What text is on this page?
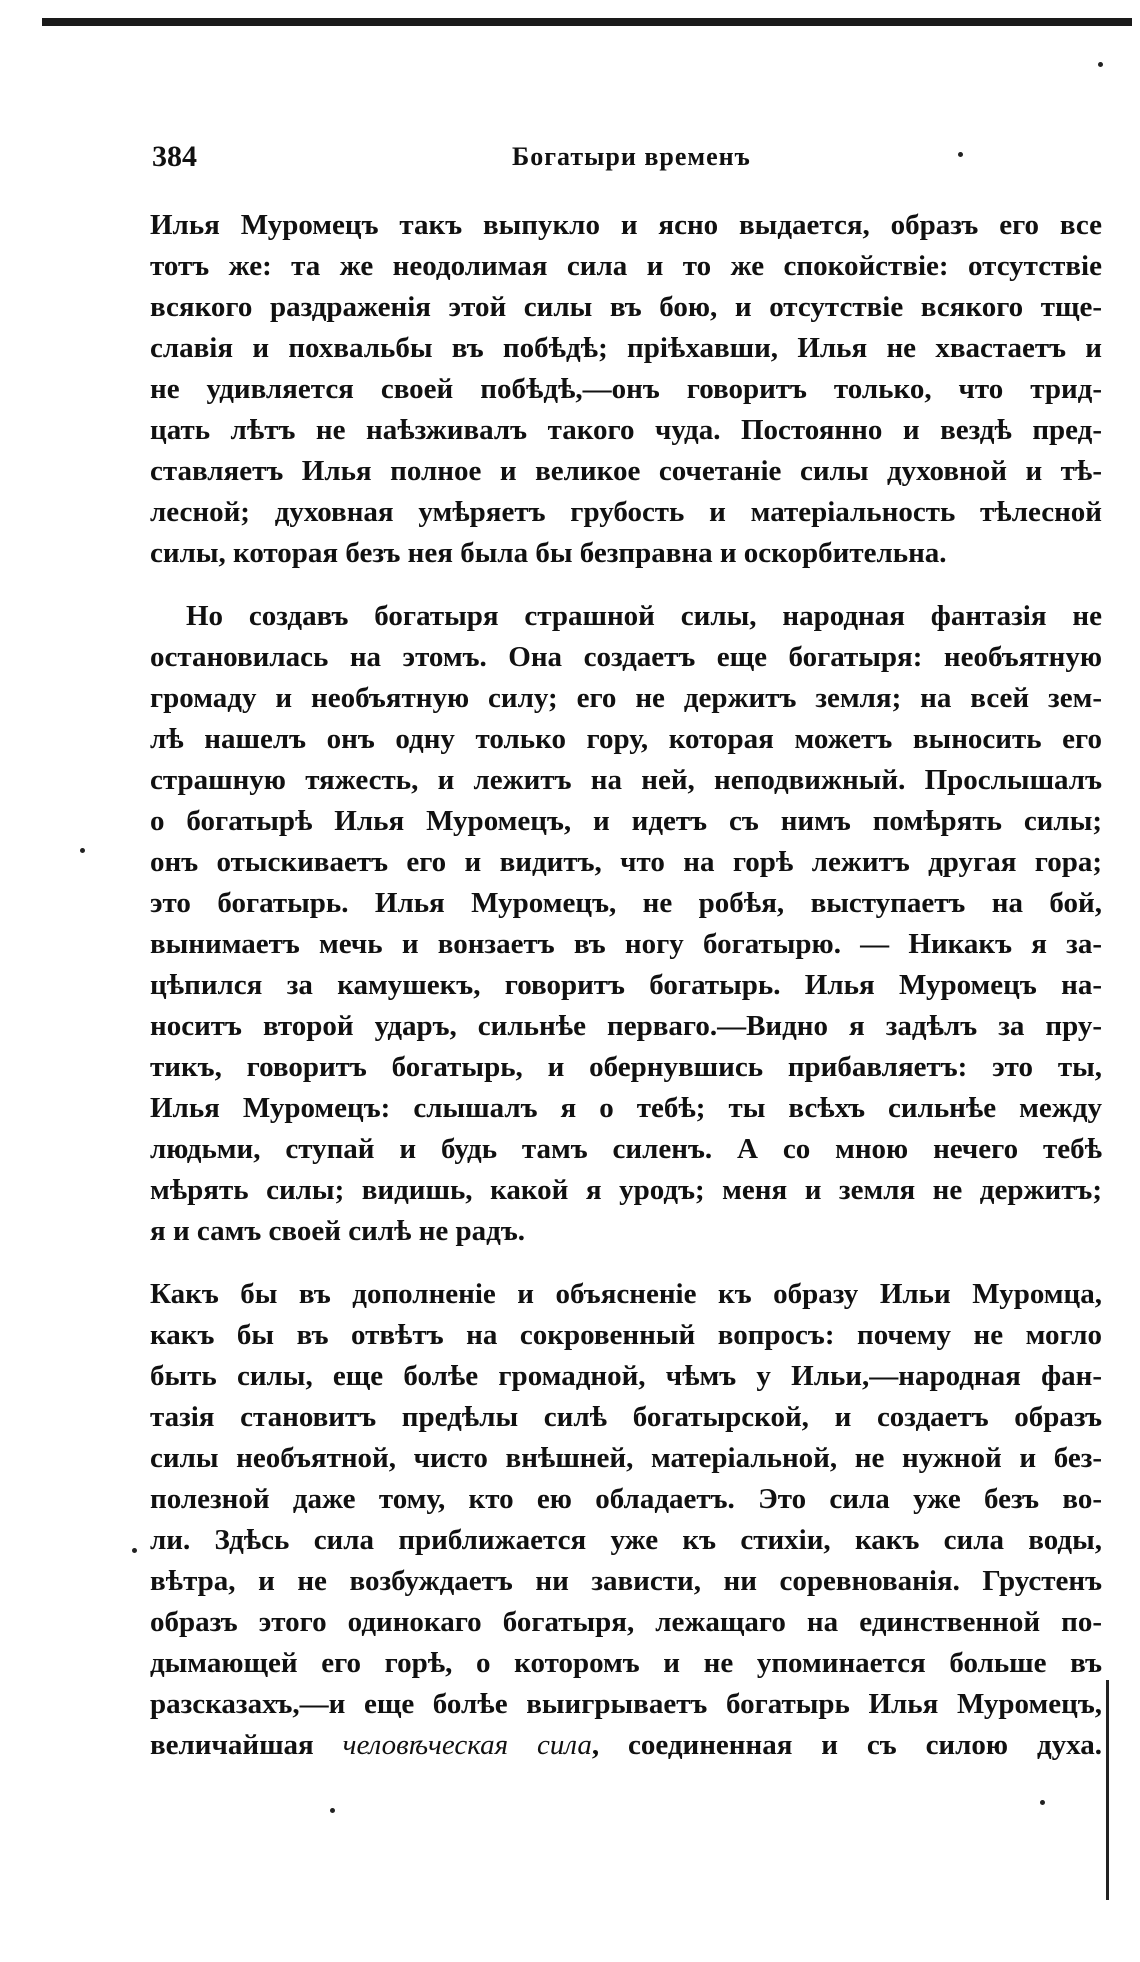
384	Богатыри временъ
Илья Муромецъ такъ выпукло и ясно выдается, образъ его все
тотъ же: та же неодолимая сила и то же спокойствіе: отсутствіе
всякого раздраженія этой силы въ бою, и отсутствіе всякого тще-
славія и похвальбы въ побѣдѣ; пріѣхавши, Илья не хвастаетъ и
не удивляется своей побѣдѣ,—онъ говоритъ только, что трид-
цать лѣтъ не наѣзживалъ такого чуда. Постоянно и вездѣ пред-
ставляетъ Илья полное и великое сочетаніе силы духовной и тѣ-
лесной; духовная умѣряетъ грубость и матеріальность тѣлесной
силы, которая безъ нея была бы безправна и оскорбительна.
Но создавъ богатыря страшной силы, народная фантазія не
остановилась на этомъ. Она создаетъ еще богатыря: необъятную
громаду и необъятную силу; его не держитъ земля; на всей зем-
лѣ нашелъ онъ одну только гору, которая можетъ выносить его
страшную тяжесть, и лежитъ на ней, неподвижный. Прослышалъ
о богатырѣ Илья Муромецъ, и идетъ съ нимъ помѣрять силы;
онъ отыскиваетъ его и видитъ, что на горѣ лежитъ другая гора;
это богатырь. Илья Муромецъ, не робѣя, выступаетъ на бой,
вынимаетъ мечь и вонзаетъ въ ногу богатырю. — Никакъ я за-
цѣпился за камушекъ, говоритъ богатырь. Илья Муромецъ на-
носитъ второй ударъ, сильнѣе перваго.—Видно я задѣлъ за пру-
тикъ, говоритъ богатырь, и обернувшись прибавляетъ: это ты,
Илья Муромецъ: слышалъ я о тебѣ; ты всѣхъ сильнѣе между
людьми, ступай и будь тамъ силенъ. А со мною нечего тебѣ
мѣрять силы; видишь, какой я уродъ; меня и земля не держитъ;
я и самъ своей силѣ не радъ.
Какъ бы въ дополненіе и объясненіе къ образу Ильи Муромца,
какъ бы въ отвѣтъ на сокровенный вопросъ: почему не могло
быть силы, еще болѣе громадной, чѣмъ у Ильи,—народная фан-
тазія становитъ предѣлы силѣ богатырской, и создаетъ образъ
силы необъятной, чисто внѣшней, матеріальной, не нужной и без-
полезной даже тому, кто ею обладаетъ. Это сила уже безъ во-
ли. Здѣсь сила приближается уже къ стихіи, какъ сила воды,
вѣтра, и не возбуждаетъ ни зависти, ни соревнованія. Грустенъ
образъ этого одинокаго богатыря, лежащаго на единственной по-
дымающей его горѣ, о которомъ и не упоминается больше въ
разсказахъ,—и еще болѣе выигрываетъ богатырь Илья Муромецъ,
величайшая человѣческая сила, соединенная и съ силою духа.
